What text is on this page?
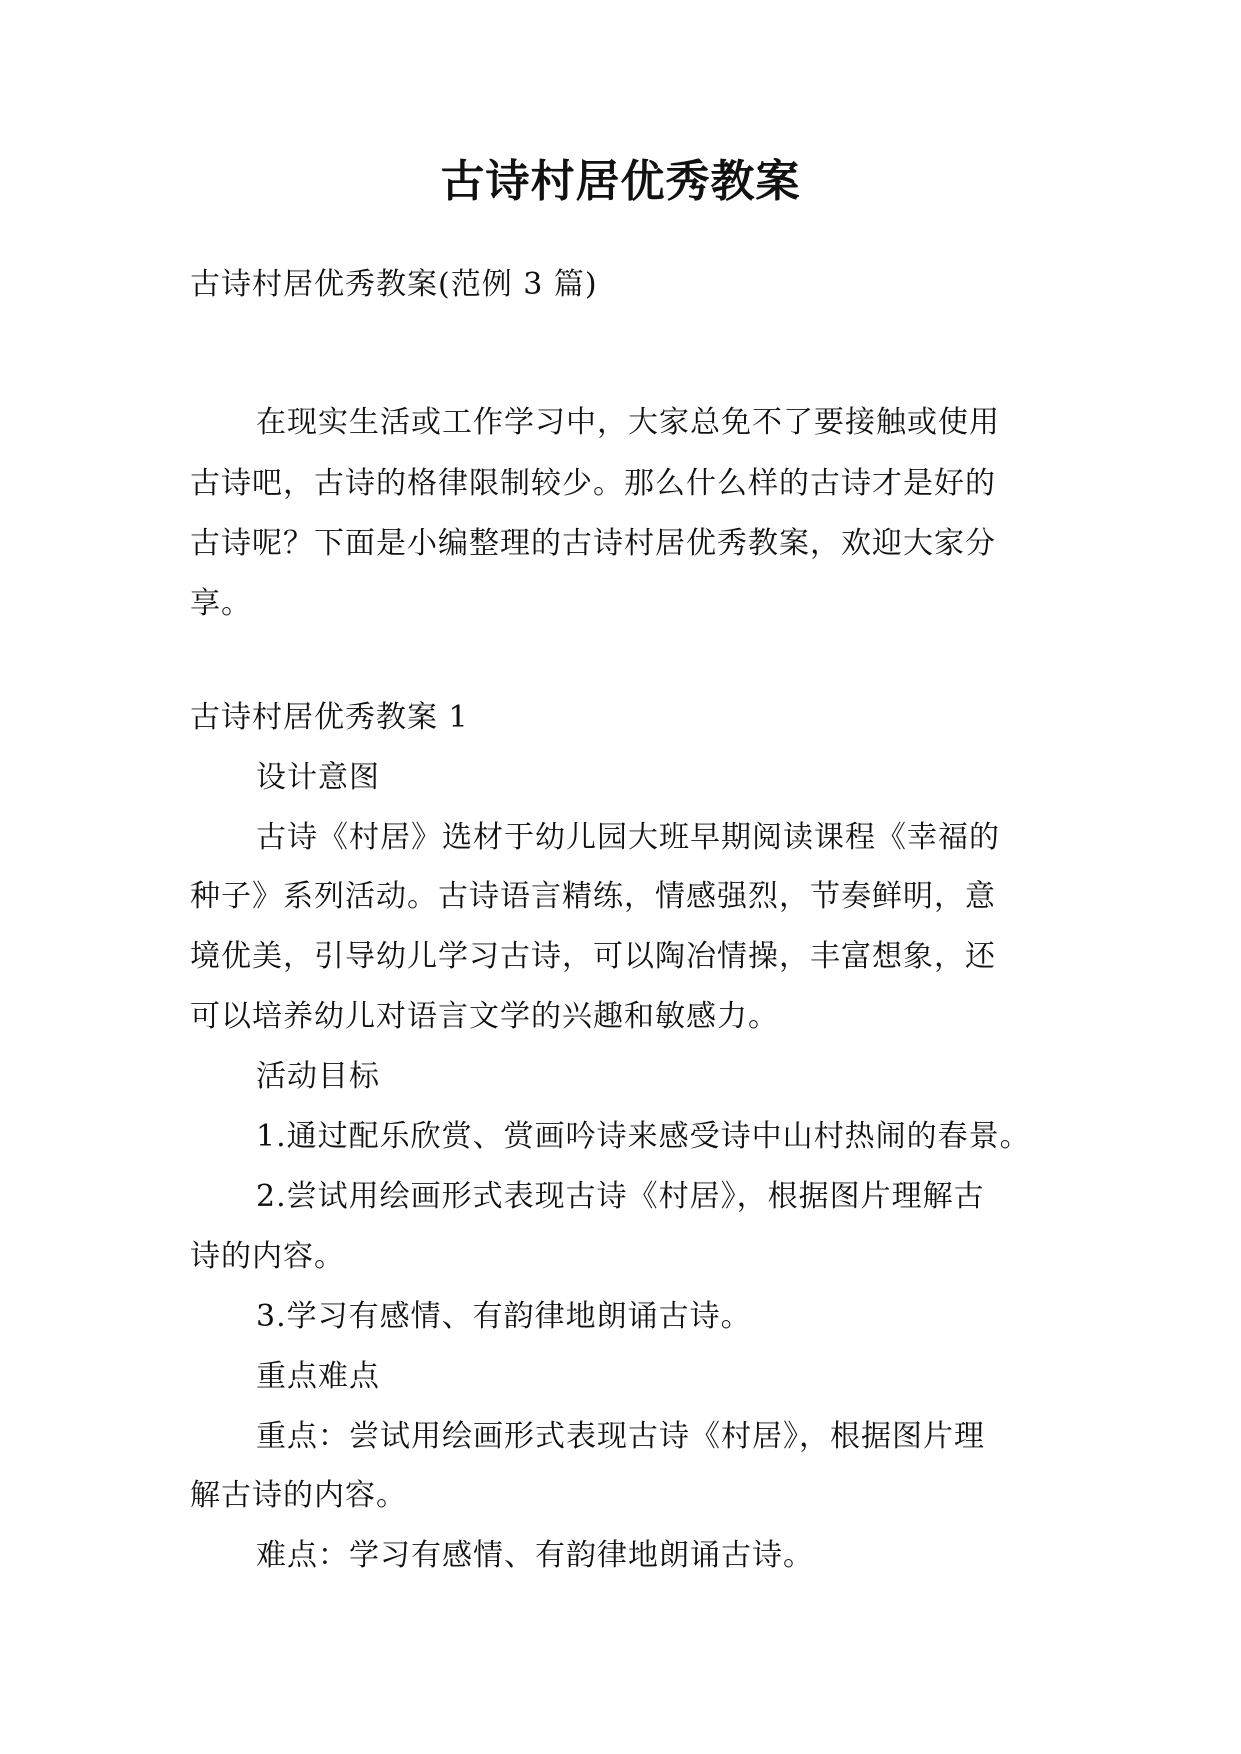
古诗村居优秀教案
古诗村居优秀教案(范例 3 篇)
在现实生活或工作学习中，大家总免不了要接触或使用
古诗吧，古诗的格律限制较少。那么什么样的古诗才是好的
古诗呢？下面是小编整理的古诗村居优秀教案，欢迎大家分
享。
古诗村居优秀教案 1
设计意图
古诗《村居》选材于幼儿园大班早期阅读课程《幸福的
种子》系列活动。古诗语言精练，情感强烈，节奏鲜明，意
境优美，引导幼儿学习古诗，可以陶冶情操，丰富想象，还
可以培养幼儿对语言文学的兴趣和敏感力。
活动目标
1.通过配乐欣赏、赏画吟诗来感受诗中山村热闹的春景。
2.尝试用绘画形式表现古诗《村居》，根据图片理解古
诗的内容。
3.学习有感情、有韵律地朗诵古诗。
重点难点
重点：尝试用绘画形式表现古诗《村居》，根据图片理
解古诗的内容。
难点：学习有感情、有韵律地朗诵古诗。
